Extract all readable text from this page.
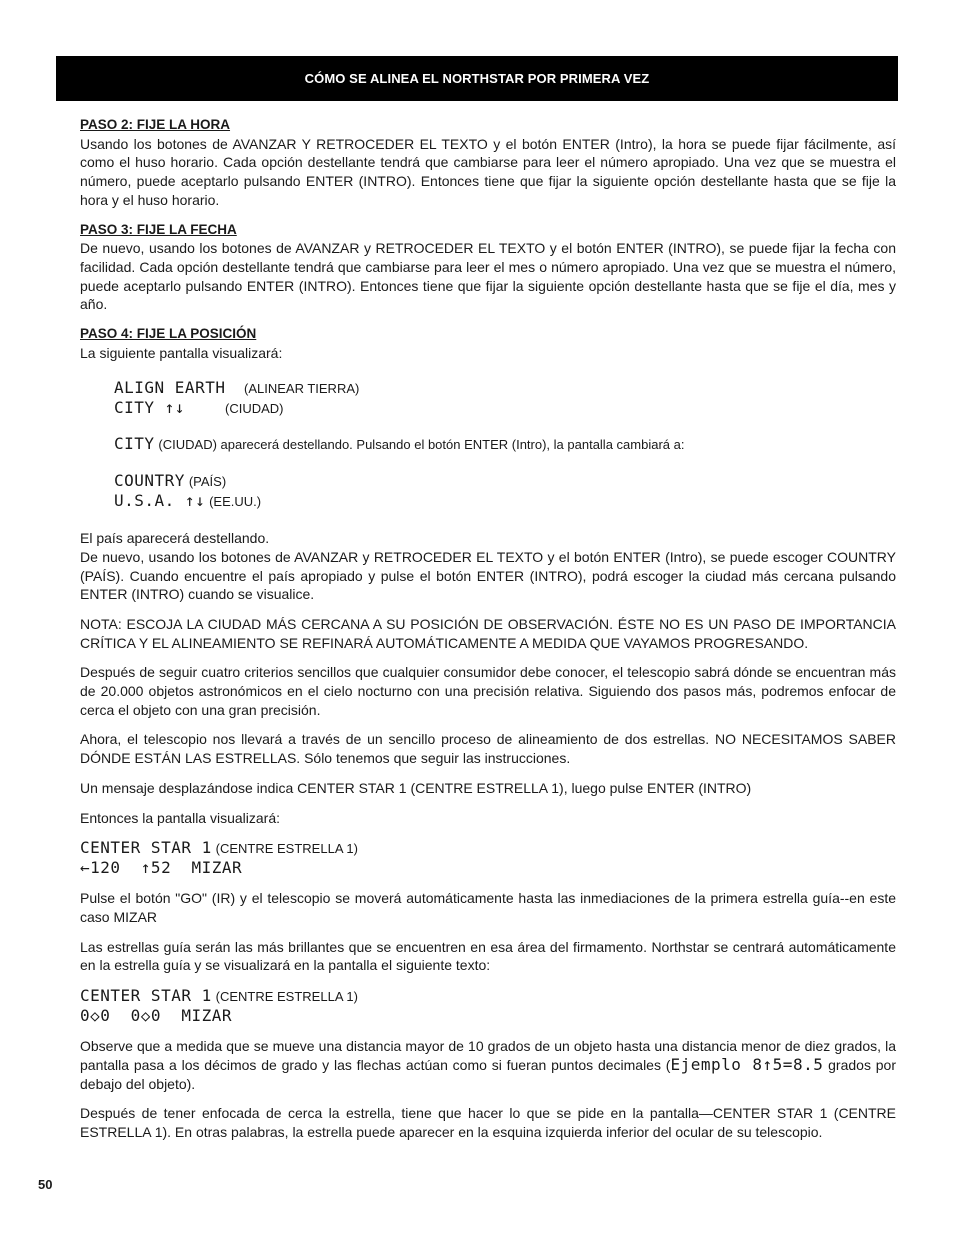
CÓMO SE ALINEA EL NORTHSTAR POR PRIMERA VEZ
PASO 2: FIJE LA HORA

Usando los botones de AVANZAR Y RETROCEDER EL TEXTO y el botón ENTER (Intro), la hora se puede fijar fácilmente, así como el huso horario. Cada opción destellante tendrá que cambiarse para leer el número apropiado. Una vez que se muestra el número, puede aceptarlo pulsando ENTER (INTRO). Entonces tiene que fijar la siguiente opción destellante hasta que se fije la hora y el huso horario.

PASO 3: FIJE LA FECHA

De nuevo, usando los botones de AVANZAR y RETROCEDER EL TEXTO y el botón ENTER (INTRO), se puede fijar la fecha con facilidad. Cada opción destellante tendrá que cambiarse para leer el mes o número apropiado. Una vez que se muestra el número, puede aceptarlo pulsando ENTER (INTRO). Entonces tiene que fijar la siguiente opción destellante hasta que se fije el día, mes y año.

PASO 4: FIJE LA POSICIÓN

La siguiente pantalla visualizará:

ALIGN EARTH (ALINEAR TIERRA)
CITY ↑↓	(CIUDAD)

CITY (CIUDAD) aparecerá destellando. Pulsando el botón ENTER (Intro), la pantalla cambiará a:

COUNTRY (PAÍS)
U.S.A. ↑↓ (EE.UU.)

El país aparecerá destellando.

De nuevo, usando los botones de AVANZAR y RETROCEDER EL TEXTO y el botón ENTER (Intro), se puede escoger COUNTRY (PAÍS). Cuando encuentre el país apropiado y pulse el botón ENTER (INTRO), podrá escoger la ciudad más cercana pulsando ENTER (INTRO) cuando se visualice.

NOTA: ESCOJA LA CIUDAD MÁS CERCANA A SU POSICIÓN DE OBSERVACIÓN. ÉSTE NO ES UN PASO DE IMPORTANCIA CRÍTICA Y EL ALINEAMIENTO SE REFINARÁ AUTOMÁTICAMENTE A MEDIDA QUE VAYAMOS PROGRESANDO.

Después de seguir cuatro criterios sencillos que cualquier consumidor debe conocer, el telescopio sabrá dónde se encuentran más de 20.000 objetos astronómicos en el cielo nocturno con una precisión relativa. Siguiendo dos pasos más, podremos enfocar de cerca el objeto con una gran precisión.

Ahora, el telescopio nos llevará a través de un sencillo proceso de alineamiento de dos estrellas. NO NECESITAMOS SABER DÓNDE ESTÁN LAS ESTRELLAS. Sólo tenemos que seguir las instrucciones.

Un mensaje desplazándose indica CENTER STAR 1 (CENTRE ESTRELLA 1), luego pulse ENTER (INTRO)

Entonces la pantalla visualizará:

CENTER STAR 1 (CENTRE ESTRELLA 1)
←120  ↑52  MIZAR

Pulse el botón "GO" (IR) y el telescopio se moverá automáticamente hasta las inmediaciones de la primera estrella guía--en este caso MIZAR

Las estrellas guía serán las más brillantes que se encuentren en esa área del firmamento. Northstar se centrará automáticamente en la estrella guía y se visualizará en la pantalla el siguiente texto:

CENTER STAR 1 (CENTRE ESTRELLA 1)
0◇0  0◇0  MIZAR

Observe que a medida que se mueve una distancia mayor de 10 grados de un objeto hasta una distancia menor de diez grados, la pantalla pasa a los décimos de grado y las flechas actúan como si fueran puntos decimales (Ejemplo 8↑5=8.5 grados por debajo del objeto).

Después de tener enfocada de cerca la estrella, tiene que hacer lo que se pide en la pantalla—CENTER STAR 1 (CENTRE ESTRELLA 1). En otras palabras, la estrella puede aparecer en la esquina izquierda inferior del ocular de su telescopio.

50
